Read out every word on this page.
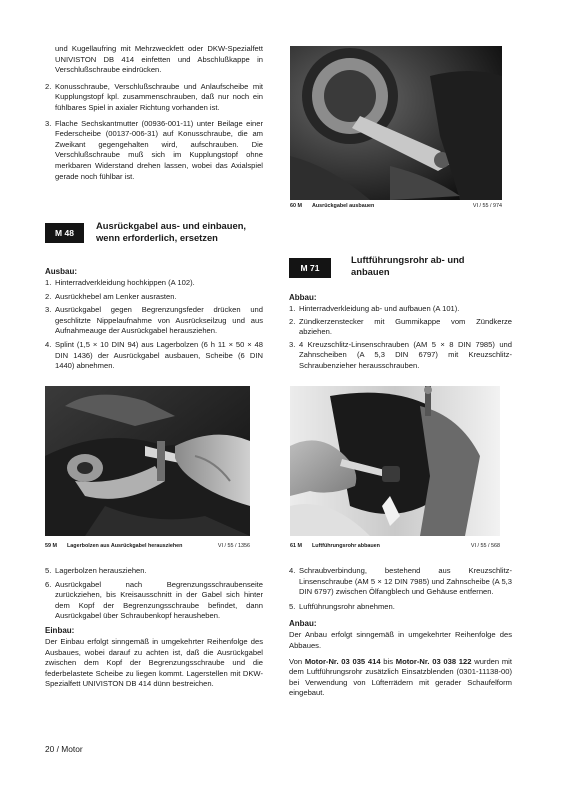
und Kugellaufring mit Mehrzweckfett oder DKW-Spezialfett UNIVISTON DB 414 einfetten und Abschlußkappe in Verschlußschraube eindrücken.
2. Konusschraube, Verschlußschraube und Anlaufscheibe mit Kupplungstopf kpl. zusammenschrauben, daß nur noch ein fühlbares Spiel in axialer Richtung vorhanden ist.
3. Flache Sechskantmutter (00936-001-11) unter Beilage einer Federscheibe (00137-006-31) auf Konusschraube, die am Zweikant gegengehalten wird, aufschrauben. Die Verschlußschraube muß sich im Kupplungstopf ohne merkbaren Widerstand drehen lassen, wobei das Axialspiel gerade noch fühlbar ist.
M 48
Ausrückgabel aus- und einbauen, wenn erforderlich, ersetzen
Ausbau:
1. Hinterradverkleidung hochkippen (A 102).
2. Ausrückhebel am Lenker ausrasten.
3. Ausrückgabel gegen Begrenzungsfeder drücken und geschlitzte Nippelaufnahme von Ausrückseilzug und aus Aufnahmeauge der Ausrückgabel herausziehen.
4. Splint (1,5 × 10 DIN 94) aus Lagerbolzen (6 h 11 × 50 × 48 DIN 1436) der Ausrückgabel ausbauen, Scheibe (6 DIN 1440) abnehmen.
59 M Lagerbolzen aus Ausrückgabel herausziehen	VI / 55 / 1356
5. Lagerbolzen herausziehen.
6. Ausrückgabel nach Begrenzungsschraubenseite zurückziehen, bis Kreisausschnitt in der Gabel sich hinter dem Kopf der Begrenzungsschraube befindet, dann Ausrückgabel über Schraubenkopf herausheben.
Einbau:
Der Einbau erfolgt sinngemäß in umgekehrter Reihenfolge des Ausbaues, wobei darauf zu achten ist, daß die Ausrückgabel zwischen dem Kopf der Begrenzungsschraube und die federbelastete Scheibe zu liegen kommt. Lagerstellen mit DKW-Spezialfett UNIVISTON DB 414 dünn bestreichen.
20 / Motor
60 M Ausrückgabel ausbauen	VI / 55 / 974
M 71
Luftführungsrohr ab- und anbauen
Abbau:
1. Hinterradverkleidung ab- und aufbauen (A 101).
2. Zündkerzenstecker mit Gummikappe vom Zündkerze abziehen.
3. 4 Kreuzschlitz-Linsenschrauben (AM 5 × 8 DIN 7985) und Zahnscheiben (A 5,3 DIN 6797) mit Kreuzschlitz-Schraubenzieher herausschrauben.
61 M Luftführungsrohr abbauen	VI / 55 / 568
4. Schraubverbindung, bestehend aus Kreuzschlitz-Linsenschraube (AM 5 × 12 DIN 7985) und Zahnscheibe (A 5,3 DIN 6797) zwischen Ölfangblech und Gehäuse entfernen.
5. Luftführungsrohr abnehmen.
Anbau:
Der Anbau erfolgt sinngemäß in umgekehrter Reihenfolge des Abbaues.
Von Motor-Nr. 03 035 414 bis Motor-Nr. 03 038 122 wurden mit dem Luftführungsrohr zusätzlich Einsatzblenden (0301-11138-00) bei Verwendung von Lüfterrädern mit gerader Schaufelform eingebaut.
